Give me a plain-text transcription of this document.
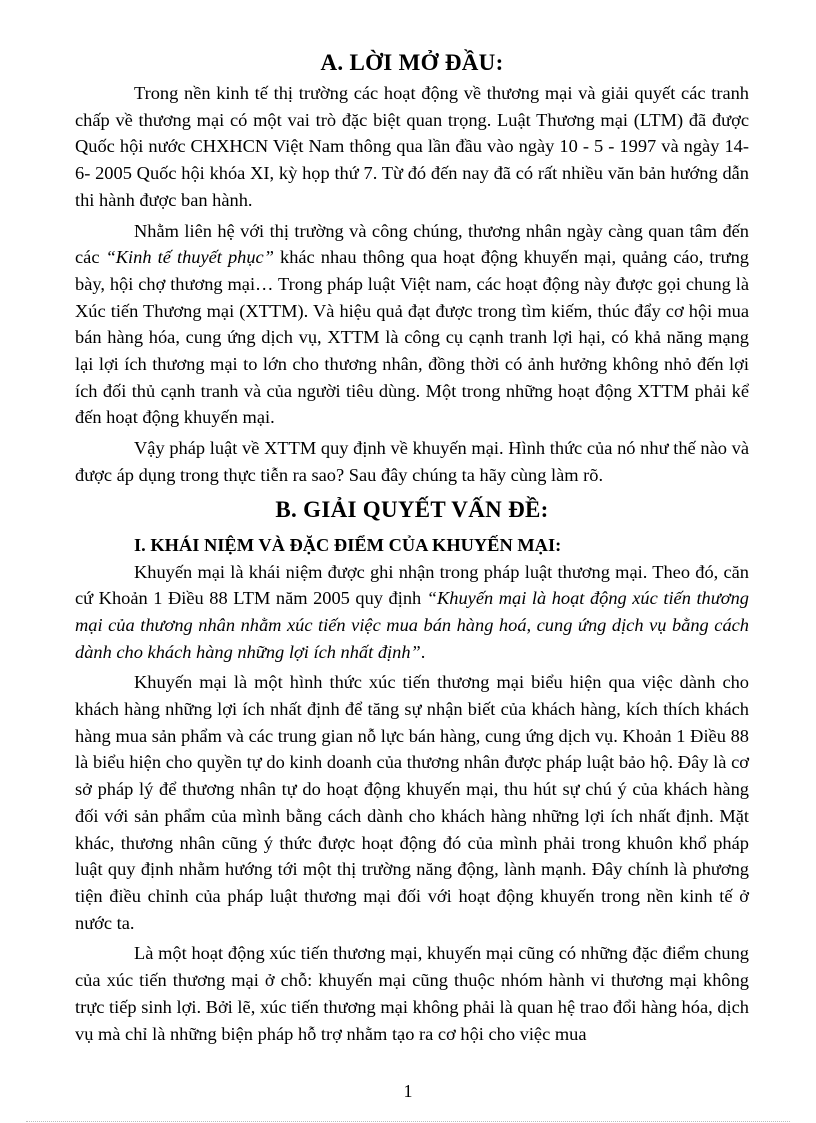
A. LỜI MỞ ĐẦU:

Trong nền kinh tế thị trường các hoạt động về thương mại và giải quyết các tranh chấp về thương mại có một vai trò đặc biệt quan trọng. Luật Thương mại (LTM) đã được Quốc hội nước CHXHCN Việt Nam thông qua lần đầu vào ngày 10 - 5 - 1997 và ngày 14- 6- 2005 Quốc hội khóa XI, kỳ họp thứ 7. Từ đó đến nay đã có rất nhiều văn bản hướng dẫn thi hành được ban hành.

Nhằm liên hệ với thị trường và công chúng, thương nhân ngày càng quan tâm đến các “Kinh tế thuyết phục” khác nhau thông qua hoạt động khuyến mại, quảng cáo, trưng bày, hội chợ thương mại… Trong pháp luật Việt nam, các hoạt động này được gọi chung là Xúc tiến Thương mại (XTTM). Và hiệu quả đạt được trong tìm kiếm, thúc đẩy cơ hội mua bán hàng hóa, cung ứng dịch vụ, XTTM là công cụ cạnh tranh lợi hại, có khả năng mạng lại lợi ích thương mại to lớn cho thương nhân, đồng thời có ảnh hưởng không nhỏ đến lợi ích đối thủ cạnh tranh và của người tiêu dùng. Một trong những hoạt động XTTM phải kể đến hoạt động khuyến mại.

Vậy pháp luật về XTTM quy định về khuyến mại. Hình thức của nó như thế nào và được áp dụng trong thực tiễn ra sao? Sau đây chúng ta hãy cùng làm rõ.

B. GIẢI QUYẾT VẤN ĐỀ:
I. KHÁI NIỆM VÀ ĐẶC ĐIỂM CỦA KHUYẾN MẠI:

Khuyến mại là khái niệm được ghi nhận trong pháp luật thương mại. Theo đó, căn cứ Khoản 1 Điều 88 LTM năm 2005 quy định “Khuyến mại là hoạt động xúc tiến thương mại của thương nhân nhằm xúc tiến việc mua bán hàng hoá, cung ứng dịch vụ bằng cách dành cho khách hàng những lợi ích nhất định”.

Khuyến mại là một hình thức xúc tiến thương mại biểu hiện qua việc dành cho khách hàng những lợi ích nhất định để tăng sự nhận biết của khách hàng, kích thích khách hàng mua sản phẩm và các trung gian nỗ lực bán hàng, cung ứng dịch vụ. Khoản 1 Điều 88 là biểu hiện cho quyền tự do kinh doanh của thương nhân được pháp luật bảo hộ. Đây là cơ sở pháp lý để thương nhân tự do hoạt động khuyến mại, thu hút sự chú ý của khách hàng đối với sản phẩm của mình bằng cách dành cho khách hàng những lợi ích nhất định. Mặt khác, thương nhân cũng ý thức được hoạt động đó của mình phải trong khuôn khổ pháp luật quy định nhằm hướng tới một thị trường năng động, lành mạnh. Đây chính là phương tiện điều chỉnh của pháp luật thương mại đối với hoạt động khuyến trong nền kinh tế ở nước ta.

Là một hoạt động xúc tiến thương mại, khuyến mại cũng có những đặc điểm chung của xúc tiến thương mại ở chỗ: khuyến mại cũng thuộc nhóm hành vi thương mại không trực tiếp sinh lợi. Bởi lẽ, xúc tiến thương mại không phải là quan hệ trao đổi hàng hóa, dịch vụ mà chỉ là những biện pháp hỗ trợ nhằm tạo ra cơ hội cho việc mua

1
